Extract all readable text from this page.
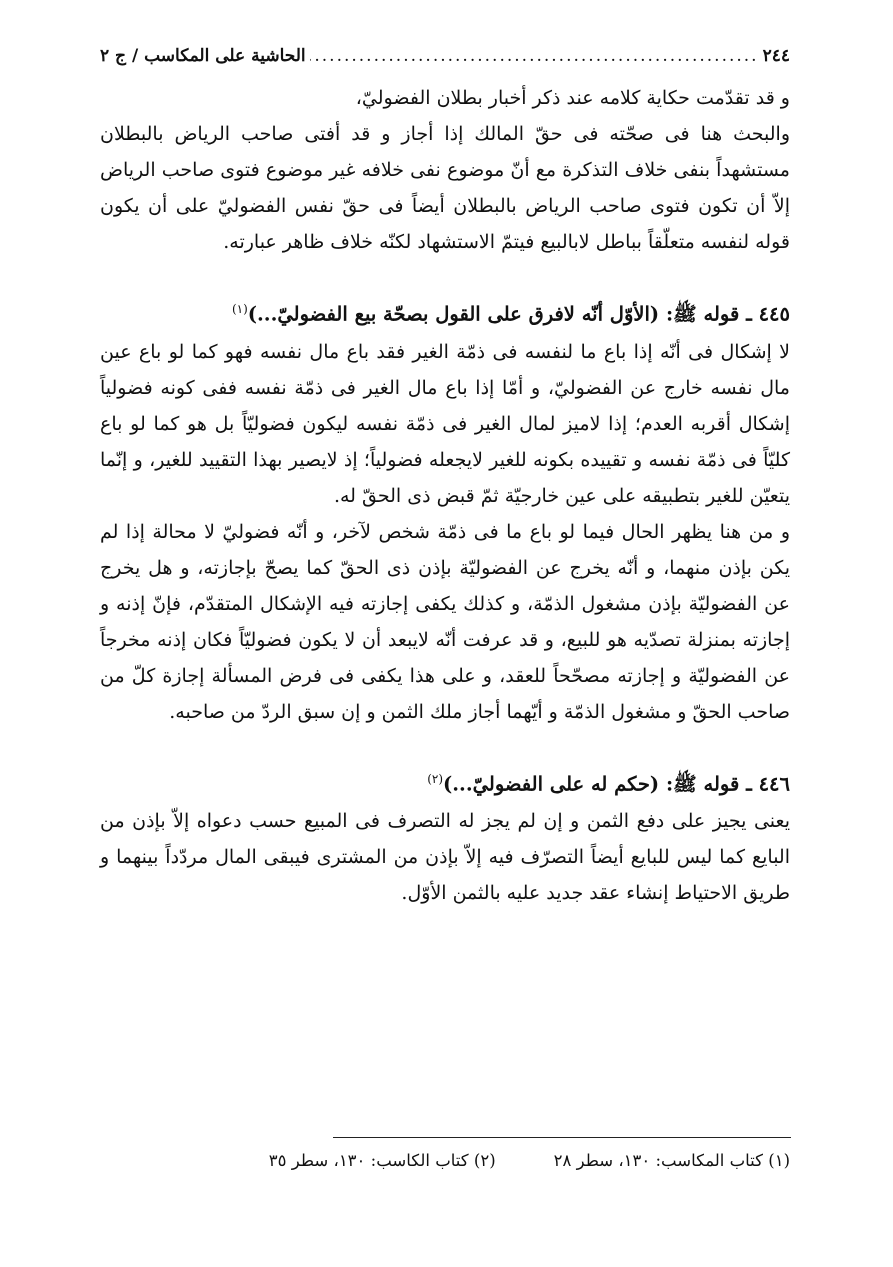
٢٤٤
.....
الحاشية على المكاسب / ج ٢

و قد تقدّمت حكاية كلامه عند ذكر أخبار بطلان الفضوليّ،

والبحث هنا فى صحّته فى حقّ المالك إذا أجاز و قد أفتى صاحب الرياض بالبطلان مستشهداً بنفى خلاف التذكرة مع أنّ موضوع نفى خلافه غير موضوع فتوى صاحب الرياض إلاّ أن تكون فتوى صاحب الرياض بالبطلان أيضاً فى حقّ نفس الفضوليّ على أن يكون قوله لنفسه متعلّقاً بباطل لابالبيع فيتمّ الاستشهاد لكنّه خلاف ظاهر عبارته.

٤٤٥ ـ قوله ﷺ: (الأوّل أنّه لافرق على القول بصحّة بيع الفضوليّ...)$^{(١)}$

لا إشكال فى أنّه إذا باع ما لنفسه فى ذمّة الغير فقد باع مال نفسه فهو كما لو باع عين مال نفسه خارج عن الفضوليّ، و أمّا إذا باع مال الغير فى ذمّة نفسه ففى كونه فضولياً إشكال أقربه العدم؛ إذا لاميز لمال الغير فى ذمّة نفسه ليكون فضوليّاً بل هو كما لو باع كليّاً فى ذمّة نفسه و تقييده بكونه للغير لايجعله فضولياً؛ إذ لايصير بهذا التقييد للغير، و إنّما يتعيّن للغير بتطبيقه على عين خارجيّة ثمّ قبض ذى الحقّ له.

و من هنا يظهر الحال فيما لو باع ما فى ذمّة شخص لآخر، و أنّه فضوليّ لا محالة إذا لم يكن بإذن منهما، و أنّه يخرج عن الفضوليّة بإذن ذى الحقّ كما يصحّ بإجازته، و هل يخرج عن الفضوليّة بإذن مشغول الذمّة، و كذلك يكفى إجازته فيه الإشكال المتقدّم، فإنّ إذنه و إجازته بمنزلة تصدّيه هو للبيع، و قد عرفت أنّه لايبعد أن لا يكون فضوليّاً فكان إذنه مخرجاً عن الفضوليّة و إجازته مصحّحاً للعقد، و على هذا يكفى فى فرض المسألة إجازة كلّ من صاحب الحقّ و مشغول الذمّة و أيّهما أجاز ملك الثمن و إن سبق الردّ من صاحبه.

٤٤٦ ـ قوله ﷺ: (حكم له على الفضوليّ...)$^{(٢)}$

يعنى يجيز على دفع الثمن و إن لم يجز له التصرف فى المبيع حسب دعواه إلاّ بإذن من البايع كما ليس للبايع أيضاً التصرّف فيه إلاّ بإذن من المشترى فيبقى المال مردّداً بينهما و طريق الاحتياط إنشاء عقد جديد عليه بالثمن الأوّل.

(١) كتاب المكاسب: ١٣٠، سطر ٢٨
(٢) كتاب الكاسب: ١٣٠، سطر ٣٥
